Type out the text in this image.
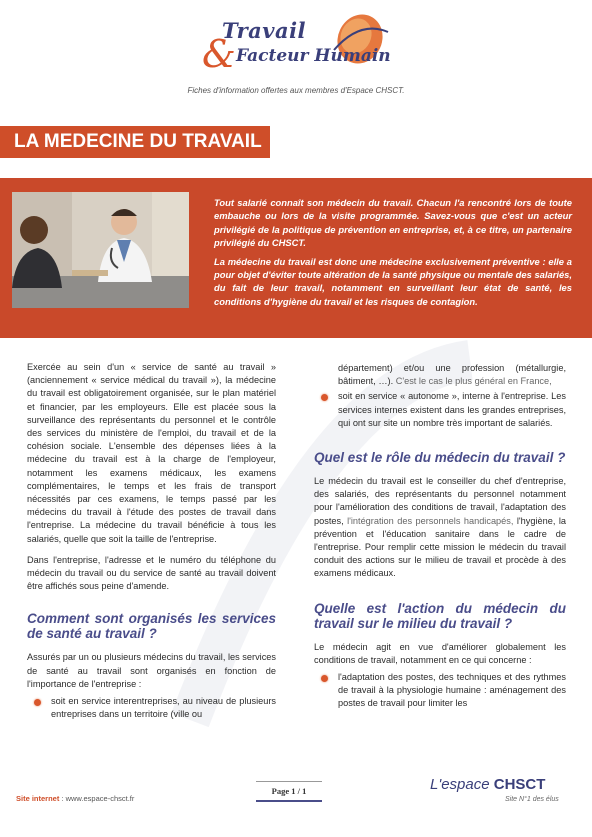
&
Travail
Facteur Humain
Fiches d'information offertes aux membres d'Espace CHSCT.
LA MEDECINE DU TRAVAIL

Tout salarié connaît son médecin du travail. Chacun l'a rencontré lors de toute embauche ou lors de la visite programmée. Savez-vous que c'est un acteur privilégié de la politique de prévention en entreprise, et, à ce titre, un partenaire privilégié du CHSCT.

La médecine du travail est donc une médecine exclusivement préventive : elle a pour objet d'éviter toute altération de la santé physique ou mentale des salariés, du fait de leur travail, notamment en surveillant leur état de santé, les conditions d'hygiène du travail et les risques de contagion.

Exercée au sein d'un « service de santé au travail » (anciennement « service médical du travail »), la médecine du travail est obligatoirement organisée, sur le plan matériel et financier, par les employeurs. Elle est placée sous la surveillance des représentants du personnel et le contrôle des services du ministère de l'emploi, du travail et de la cohésion sociale. L'ensemble des dépenses liées à la médecine du travail est à la charge de l'employeur, notamment les examens médicaux, les examens complémentaires, le temps et les frais de transport nécessités par ces examens, le temps passé par les médecins du travail à l'étude des postes de travail dans l'entreprise. La médecine du travail bénéficie à tous les salariés, quelle que soit la taille de l'entreprise.

Dans l'entreprise, l'adresse et le numéro du téléphone du médecin du travail ou du service de santé au travail doivent être affichés sous peine d'amende.

Comment sont organisés les services de santé au travail ?

Assurés par un ou plusieurs médecins du travail, les services de santé au travail sont organisés en fonction de l'importance de l'entreprise :

soit en service interentreprises, au niveau de plusieurs entreprises dans un territoire (ville ou
département) et/ou une profession (métallurgie, bâtiment, …). C'est le cas le plus général en France,
soit en service « autonome », interne à l'entreprise. Les services internes existent dans les grandes entreprises, qui ont sur site un nombre très important de salariés.
Quel est le rôle du médecin du travail ?

Le médecin du travail est le conseiller du chef d'entreprise, des salariés, des représentants du personnel notamment pour l'amélioration des conditions de travail, l'adaptation des postes, l'intégration des personnels handicapés, l'hygiène, la prévention et l'éducation sanitaire dans le cadre de l'entreprise. Pour remplir cette mission le médecin du travail conduit des actions sur le milieu de travail et procède à des examens médicaux.

Quelle est l'action du médecin du travail sur le milieu du travail ?

Le médecin agit en vue d'améliorer globalement les conditions de travail, notamment en ce qui concerne :

l'adaptation des postes, des techniques et des rythmes de travail à la physiologie humaine : aménagement des postes de travail pour limiter les
Site internet : www.espace-chsct.fr
Page 1 / 1	L'espace CHSCT
Site N°1 des élus
